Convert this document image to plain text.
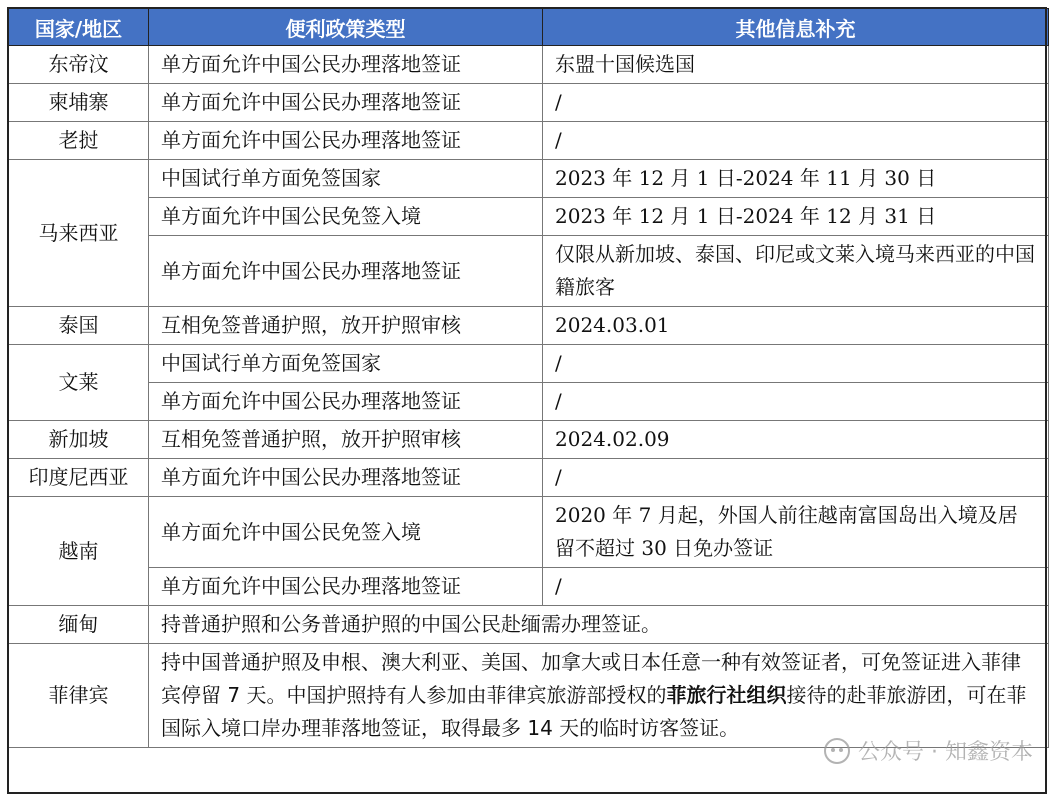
国家/地区	便利政策类型	其他信息补充
东帝汶	单方面允许中国公民办理落地签证	东盟十国候选国
柬埔寨	单方面允许中国公民办理落地签证	/
老挝	单方面允许中国公民办理落地签证	/
马来西亚	中国试行单方面免签国家	2023 年 12 月 1 日-2024 年 11 月 30 日
	单方面允许中国公民免签入境	2023 年 12 月 1 日-2024 年 12 月 31 日
	单方面允许中国公民办理落地签证	仅限从新加坡、泰国、印尼或文莱入境马来西亚的中国籍旅客
泰国	互相免签普通护照，放开护照审核	2024.03.01
文莱	中国试行单方面免签国家	/
	单方面允许中国公民办理落地签证	/
新加坡	互相免签普通护照，放开护照审核	2024.02.09
印度尼西亚	单方面允许中国公民办理落地签证	/
越南	单方面允许中国公民免签入境	2020 年 7 月起，外国人前往越南富国岛出入境及居留不超过 30 日免办签证
	单方面允许中国公民办理落地签证	/
缅甸	持普通护照和公务普通护照的中国公民赴缅需办理签证。	
菲律宾	持中国普通护照及申根、澳大利亚、美国、加拿大或日本任意一种有效签证者，可免签证进入菲律宾停留 7 天。中国护照持有人参加由菲律宾旅游部授权的菲旅行社组织接待的赴菲旅游团，可在菲国际入境口岸办理菲落地签证，取得最多 14 天的临时访客签证。	
公众号 · 知鑫资本
